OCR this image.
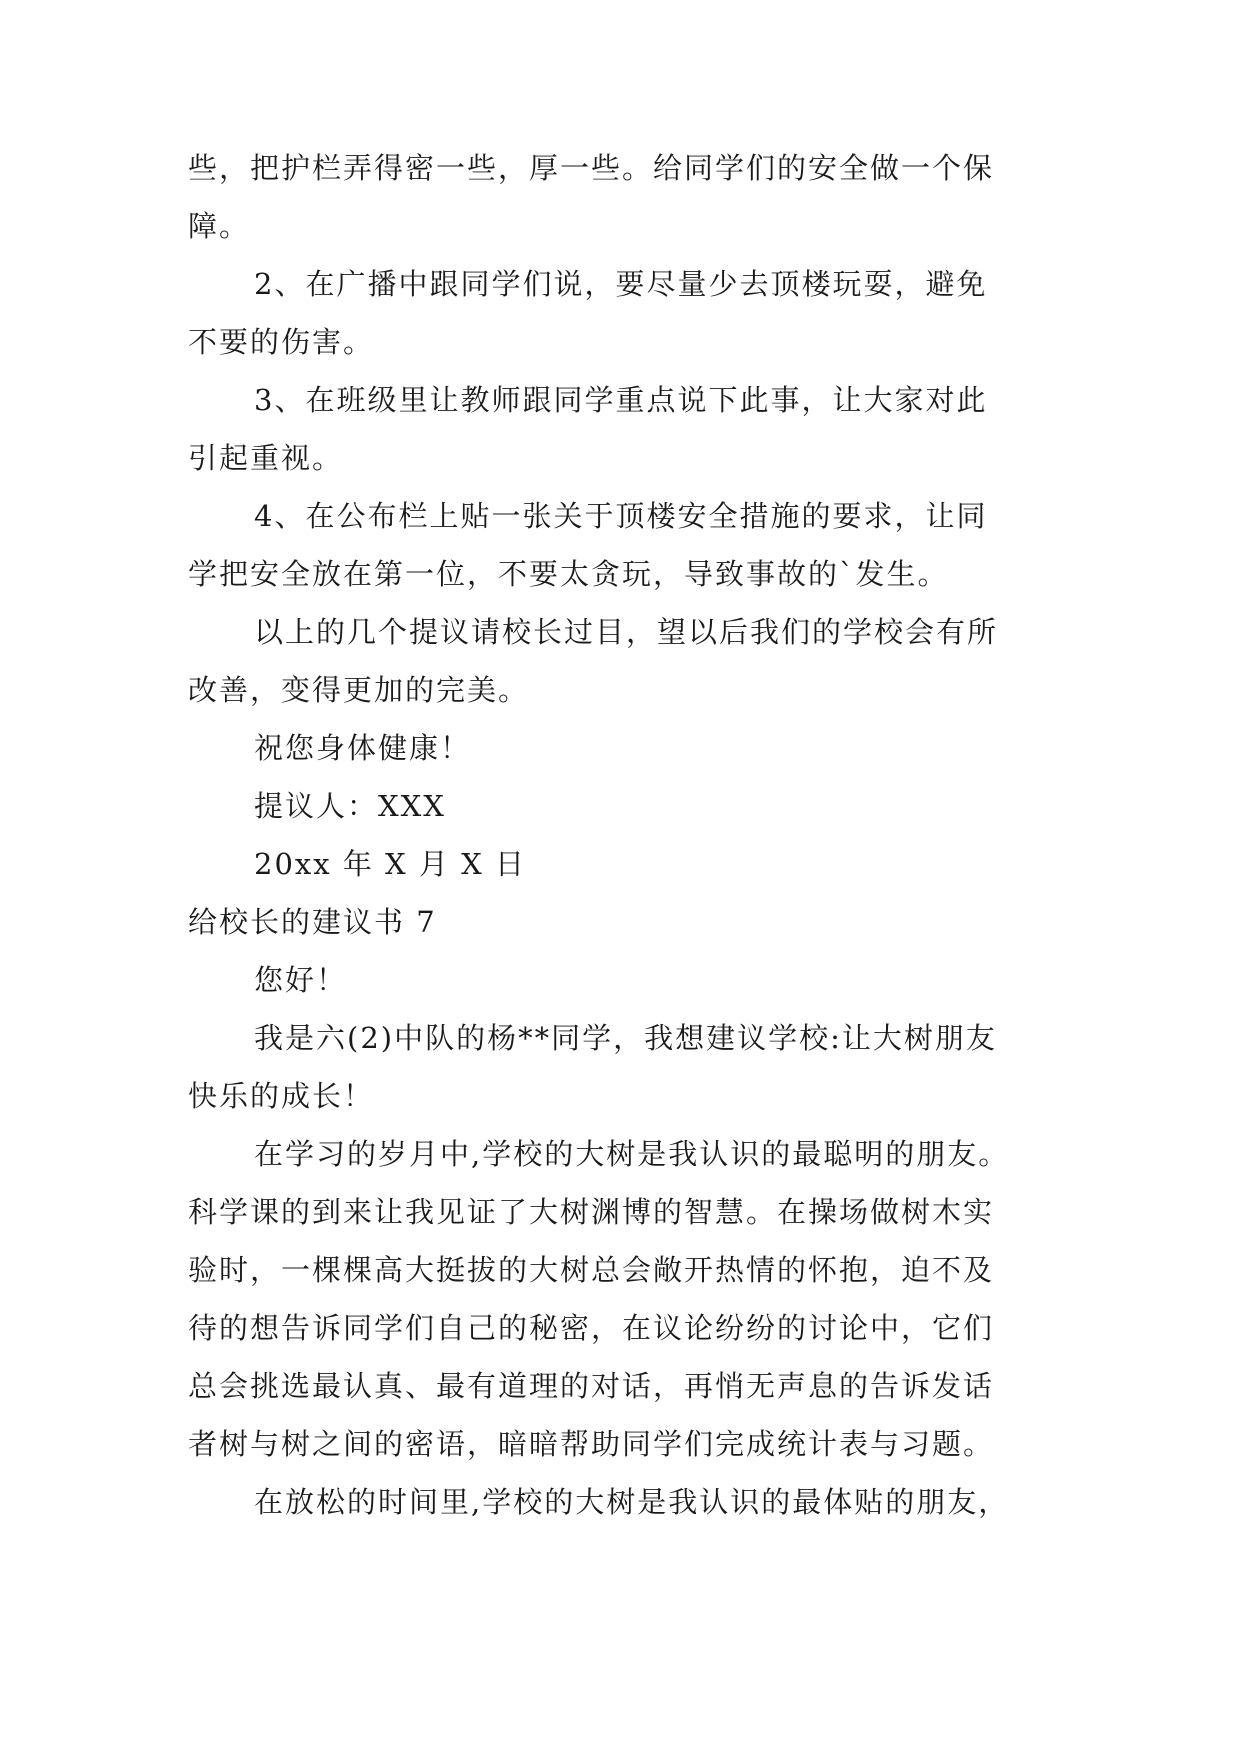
些，把护栏弄得密一些，厚一些。给同学们的安全做一个保

障。

2、在广播中跟同学们说，要尽量少去顶楼玩耍，避免

不要的伤害。

3、在班级里让教师跟同学重点说下此事，让大家对此

引起重视。

4、在公布栏上贴一张关于顶楼安全措施的要求，让同

学把安全放在第一位，不要太贪玩，导致事故的`发生。

以上的几个提议请校长过目，望以后我们的学校会有所

改善，变得更加的完美。

祝您身体健康！

提议人：XXX

20xx 年 X 月 X 日

给校长的建议书 7

您好！

我是六(2)中队的杨**同学，我想建议学校:让大树朋友

快乐的成长！

在学习的岁月中,学校的大树是我认识的最聪明的朋友。

科学课的到来让我见证了大树渊博的智慧。在操场做树木实

验时，一棵棵高大挺拔的大树总会敞开热情的怀抱，迫不及

待的想告诉同学们自己的秘密，在议论纷纷的讨论中，它们

总会挑选最认真、最有道理的对话，再悄无声息的告诉发话

者树与树之间的密语，暗暗帮助同学们完成统计表与习题。

在放松的时间里,学校的大树是我认识的最体贴的朋友，
